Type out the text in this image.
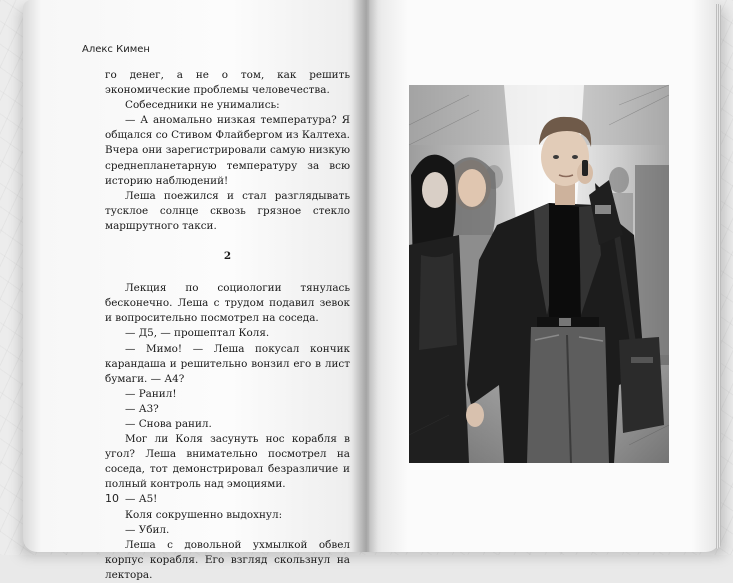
Алекс Кимен

го денег, а не о том, как решить экономические проблемы человечества.

Собеседники не унимались:

— А аномально низкая температура? Я общался со Стивом Флайбергом из Калтеха. Вчера они зарегистрировали самую низкую среднепланетарную температуру за всю историю наблюдений!

Леша поежился и стал разглядывать тусклое солнце сквозь грязное стекло маршрутного такси.

2

Лекция по социологии тянулась бесконечно. Леша с трудом подавил зевок и вопросительно посмотрел на соседа.

— Д5, — прошептал Коля.

— Мимо! — Леша покусал кончик карандаша и решительно вонзил его в лист бумаги. — А4?

— Ранил!

— А3?

— Снова ранил.

Мог ли Коля засунуть нос корабля в угол? Леша внимательно посмотрел на соседа, тот демонстрировал безразличие и полный контроль над эмоциями.

— А5!

Коля сокрушенно выдохнул:

— Убил.

Леша с довольной ухмылкой обвел корпус корабля. Его взгляд скользнул на лектора.

10
